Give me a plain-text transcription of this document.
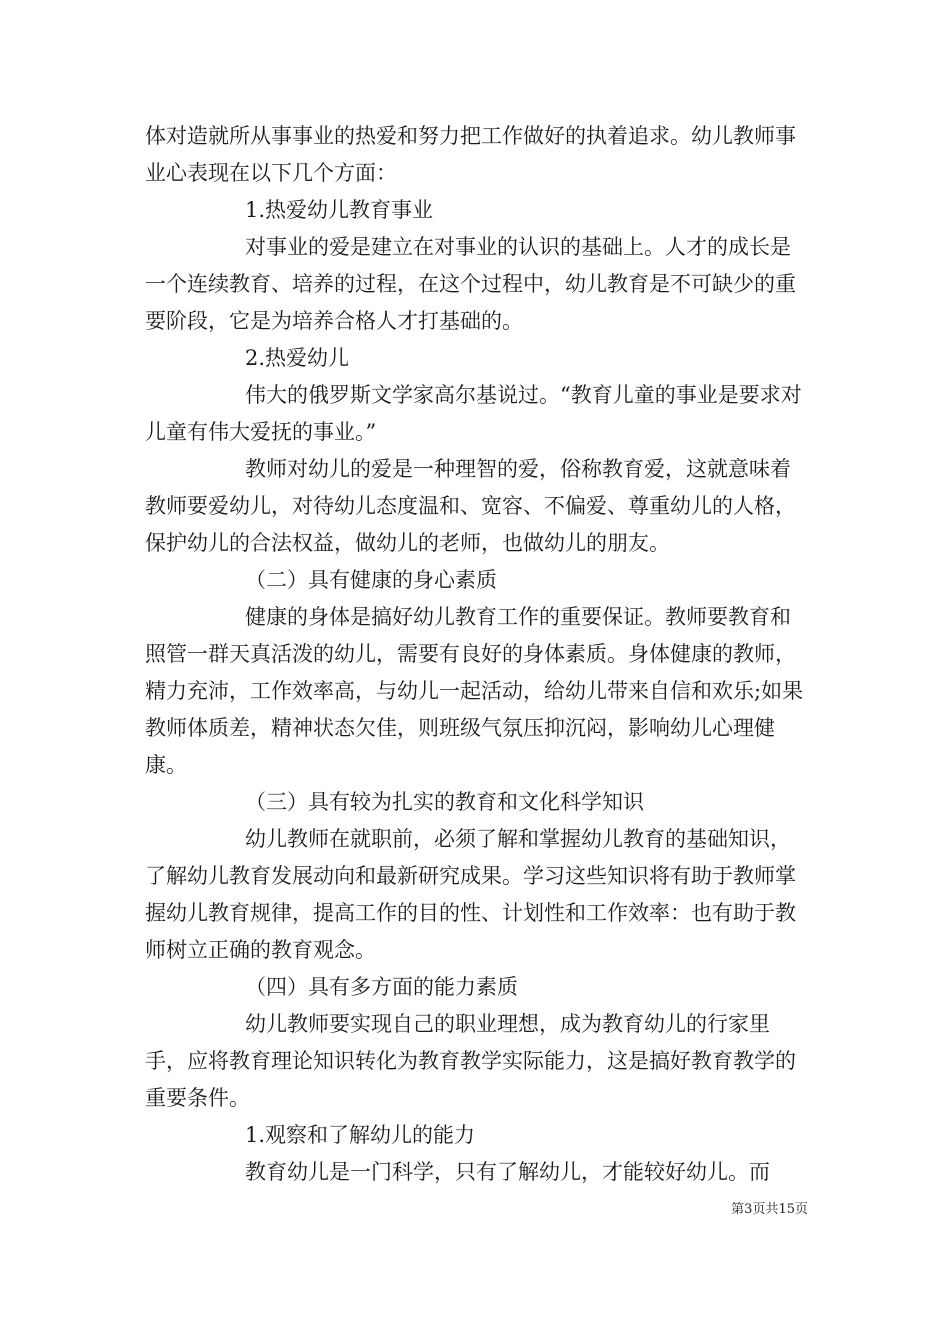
体对造就所从事事业的热爱和努力把工作做好的执着追求。幼儿教师事业心表现在以下几个方面：

1.热爱幼儿教育事业

对事业的爱是建立在对事业的认识的基础上。人才的成长是一个连续教育、培养的过程，在这个过程中，幼儿教育是不可缺少的重要阶段，它是为培养合格人才打基础的。

2.热爱幼儿

伟大的俄罗斯文学家高尔基说过。“教育儿童的事业是要求对儿童有伟大爱抚的事业。”

教师对幼儿的爱是一种理智的爱，俗称教育爱，这就意味着教师要爱幼儿，对待幼儿态度温和、宽容、不偏爱、尊重幼儿的人格，保护幼儿的合法权益，做幼儿的老师，也做幼儿的朋友。

（二）具有健康的身心素质

健康的身体是搞好幼儿教育工作的重要保证。教师要教育和照管一群天真活泼的幼儿，需要有良好的身体素质。身体健康的教师，精力充沛，工作效率高，与幼儿一起活动，给幼儿带来自信和欢乐;如果教师体质差，精神状态欠佳，则班级气氛压抑沉闷，影响幼儿心理健康。

（三）具有较为扎实的教育和文化科学知识

幼儿教师在就职前，必须了解和掌握幼儿教育的基础知识，了解幼儿教育发展动向和最新研究成果。学习这些知识将有助于教师掌握幼儿教育规律，提高工作的目的性、计划性和工作效率：也有助于教师树立正确的教育观念。

（四）具有多方面的能力素质

幼儿教师要实现自己的职业理想，成为教育幼儿的行家里手，应将教育理论知识转化为教育教学实际能力，这是搞好教育教学的重要条件。

1.观察和了解幼儿的能力

教育幼儿是一门科学，只有了解幼儿，才能较好幼儿。而

第3页共15页
